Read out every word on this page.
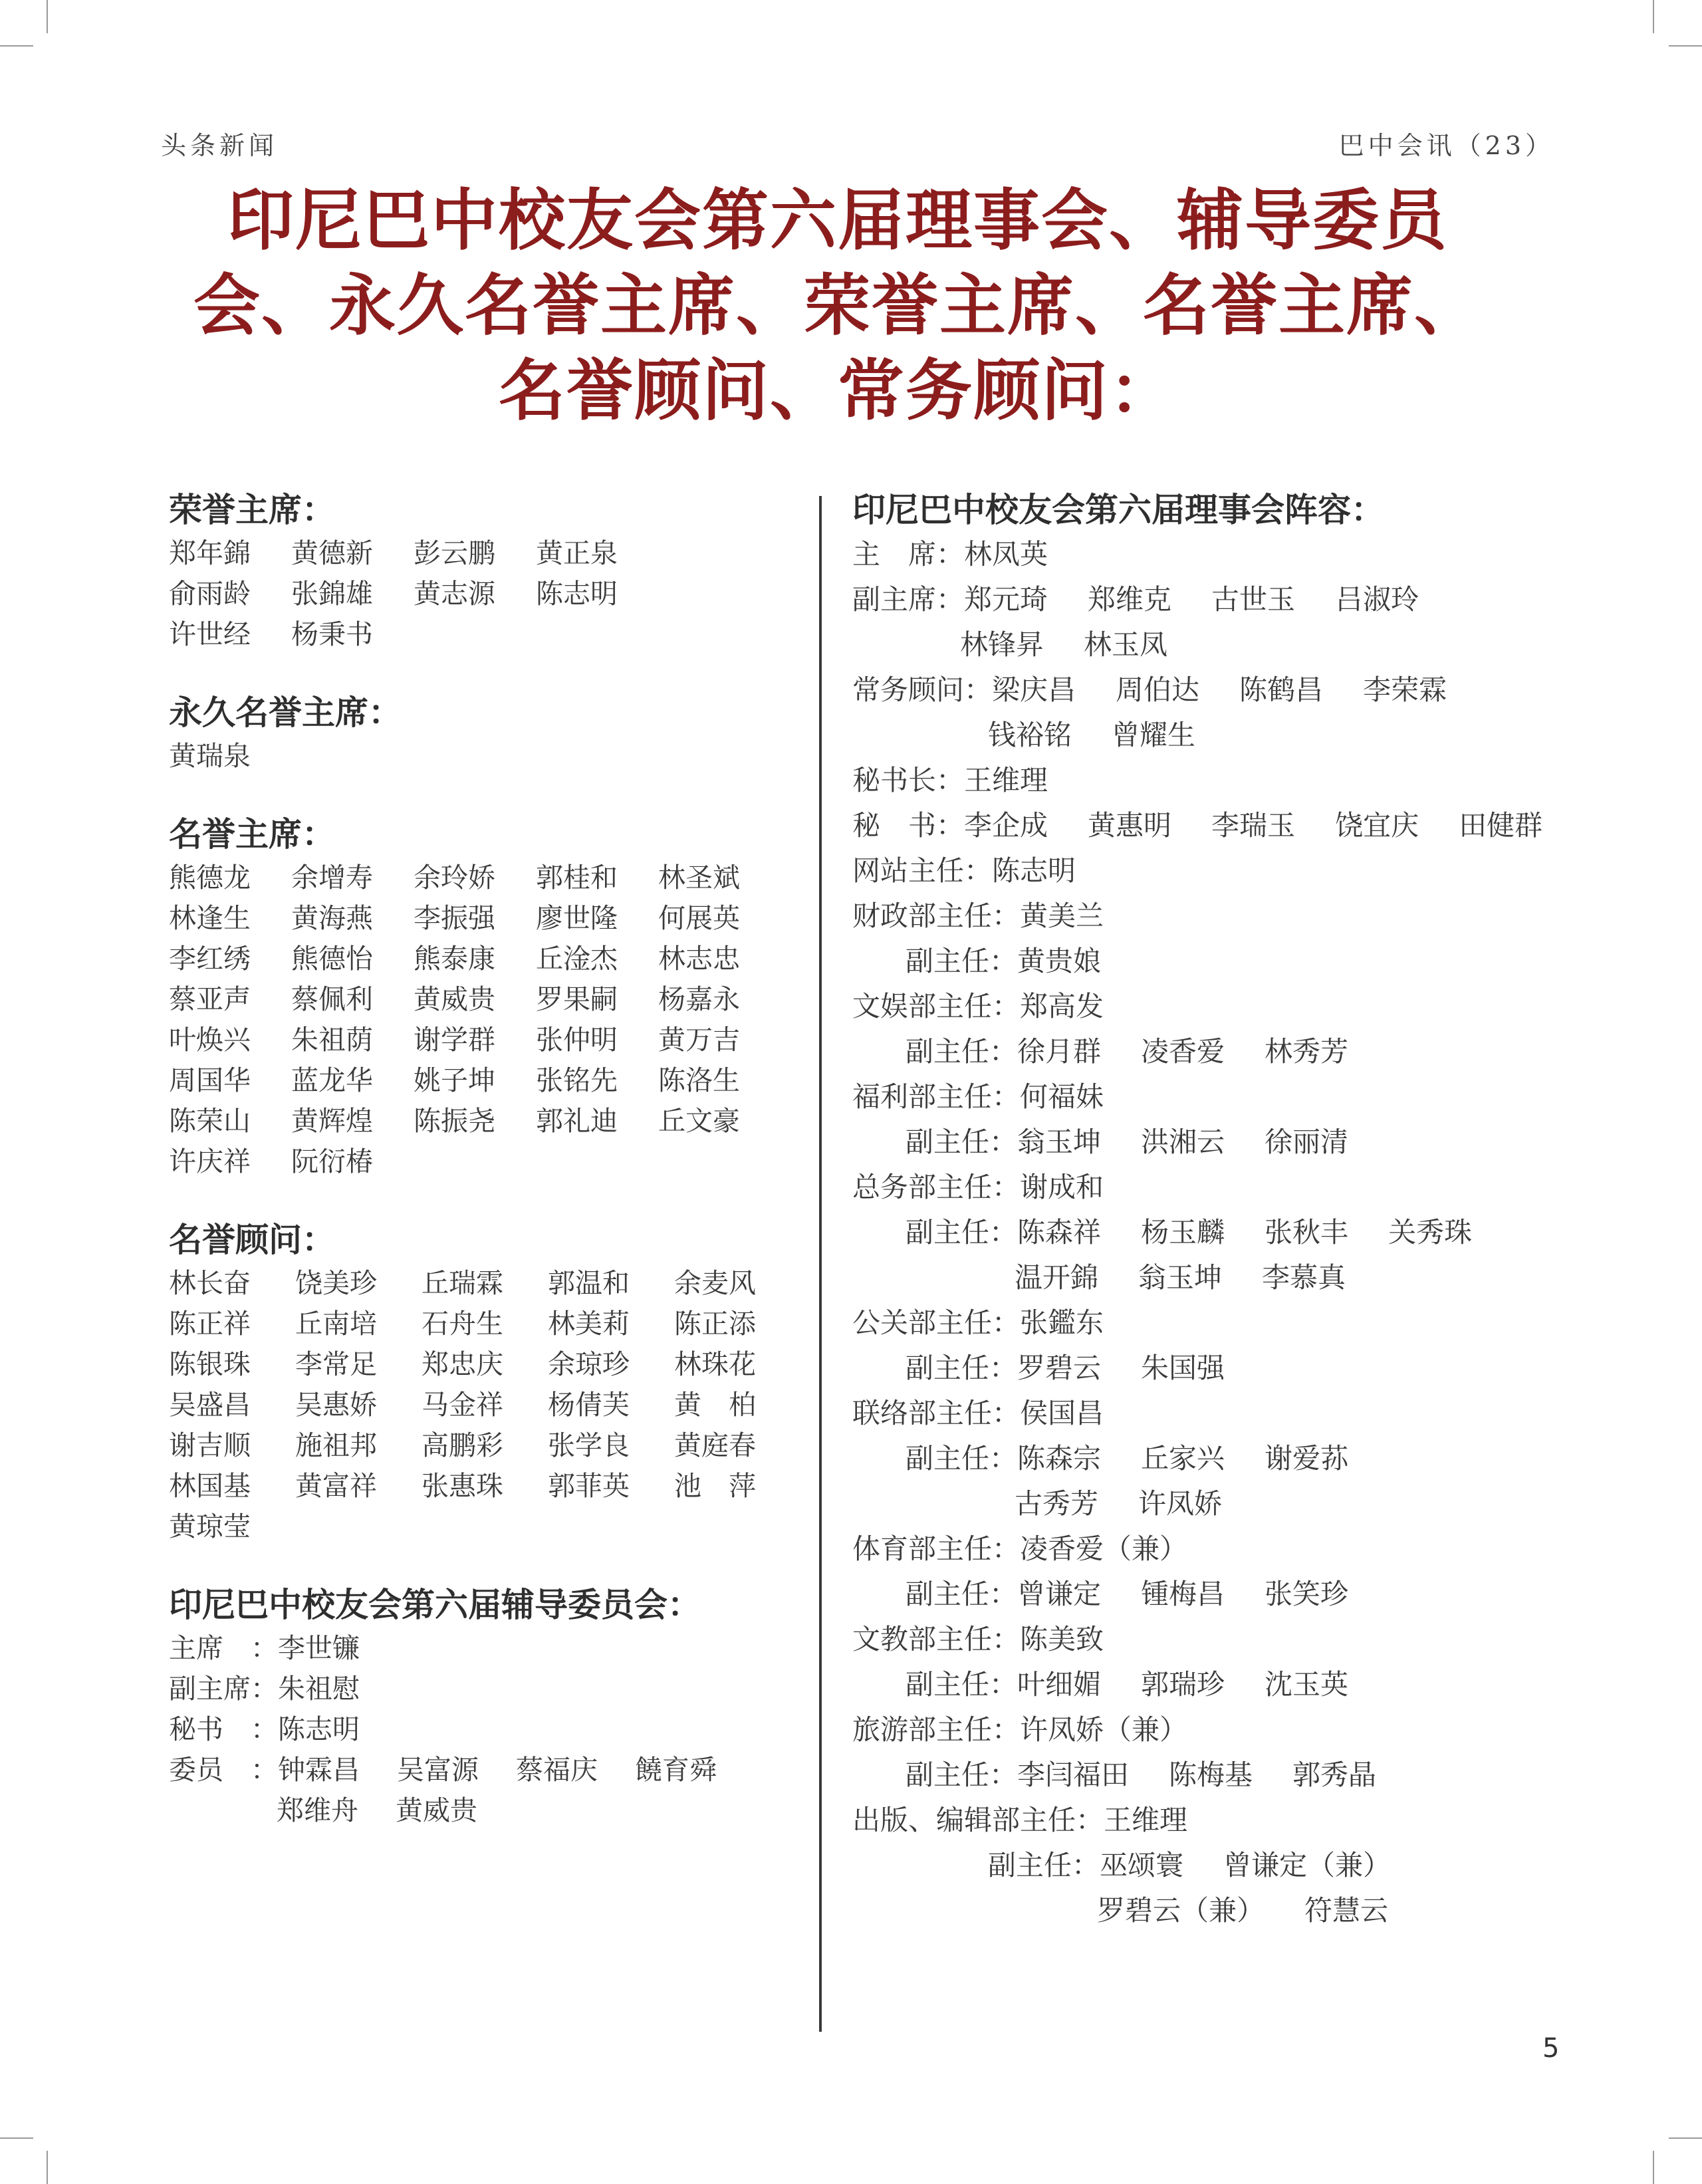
头条新闻	巴中会讯（23）
印尼巴中校友会第六届理事会、辅导委员
会、永久名誉主席、荣誉主席、名誉主席、
名誉顾问、常务顾问：
荣誉主席：
郑年錦	黄德新	彭云鹏	黄正泉
俞雨龄	张錦雄	黄志源	陈志明
许世经	杨秉书
永久名誉主席：
黄瑞泉
名誉主席：
熊德龙	余增寿	余玲娇	郭桂和	林圣斌
林逢生	黄海燕	李振强	廖世隆	何展英
李红绣	熊德怡	熊泰康	丘淦杰	林志忠
蔡亚声	蔡佩利	黄威贵	罗果嗣	杨嘉永
叶焕兴	朱祖荫	谢学群	张仲明	黄万吉
周国华	蓝龙华	姚子坤	张铭先	陈洛生
陈荣山	黄辉煌	陈振尧	郭礼迪	丘文豪
许庆祥	阮衍椿
名誉顾问：
林长奋	饶美珍	丘瑞霖	郭温和	余麦风
陈正祥	丘南培	石舟生	林美莉	陈正添
陈银珠	李常足	郑忠庆	余琼珍	林珠花
吴盛昌	吴惠娇	马金祥	杨倩芙	黄　柏
谢吉顺	施祖邦	高鹏彩	张学良	黄庭春
林国基	黄富祥	张惠珠	郭菲英	池　萍
黄琼莹
印尼巴中校友会第六届辅导委员会：
主席　： 李世镰
副主席： 朱祖慰
秘书　： 陈志明
委员　： 钟霖昌 吴富源 蔡福庆 饒育舜
郑维舟 黄威贵
印尼巴中校友会第六届理事会阵容：
主　席：林凤英
副主席：郑元琦 郑维克 古世玉 吕淑玲
林锋昇 林玉凤
常务顾问：梁庆昌 周伯达 陈鹤昌 李荣霖
钱裕铭 曾耀生
秘书长：王维理
秘　书：李企成 黄惠明 李瑞玉 饶宜庆 田健群
网站主任：陈志明
财政部主任：黄美兰
副主任：黄贵娘
文娱部主任：郑高发
副主任：徐月群 凌香爱 林秀芳
福利部主任：何福妹
副主任：翁玉坤 洪湘云 徐丽清
总务部主任：谢成和
副主任：陈森祥 杨玉麟 张秋丰 关秀珠
温开錦 翁玉坤 李慕真
公关部主任：张鑑东
副主任：罗碧云 朱国强
联络部主任：侯国昌
副主任：陈森宗 丘家兴 谢爱荪
古秀芳 许凤娇
体育部主任：凌香爱（兼）
副主任：曾谦定 锺梅昌 张笑珍
文教部主任：陈美致
副主任：叶细媚 郭瑞珍 沈玉英
旅游部主任：许凤娇（兼）
副主任：李闫福田 陈梅基 郭秀晶
出版、编辑部主任：王维理
副主任：巫颂寰 曾谦定（兼）
罗碧云（兼） 符慧云
5
